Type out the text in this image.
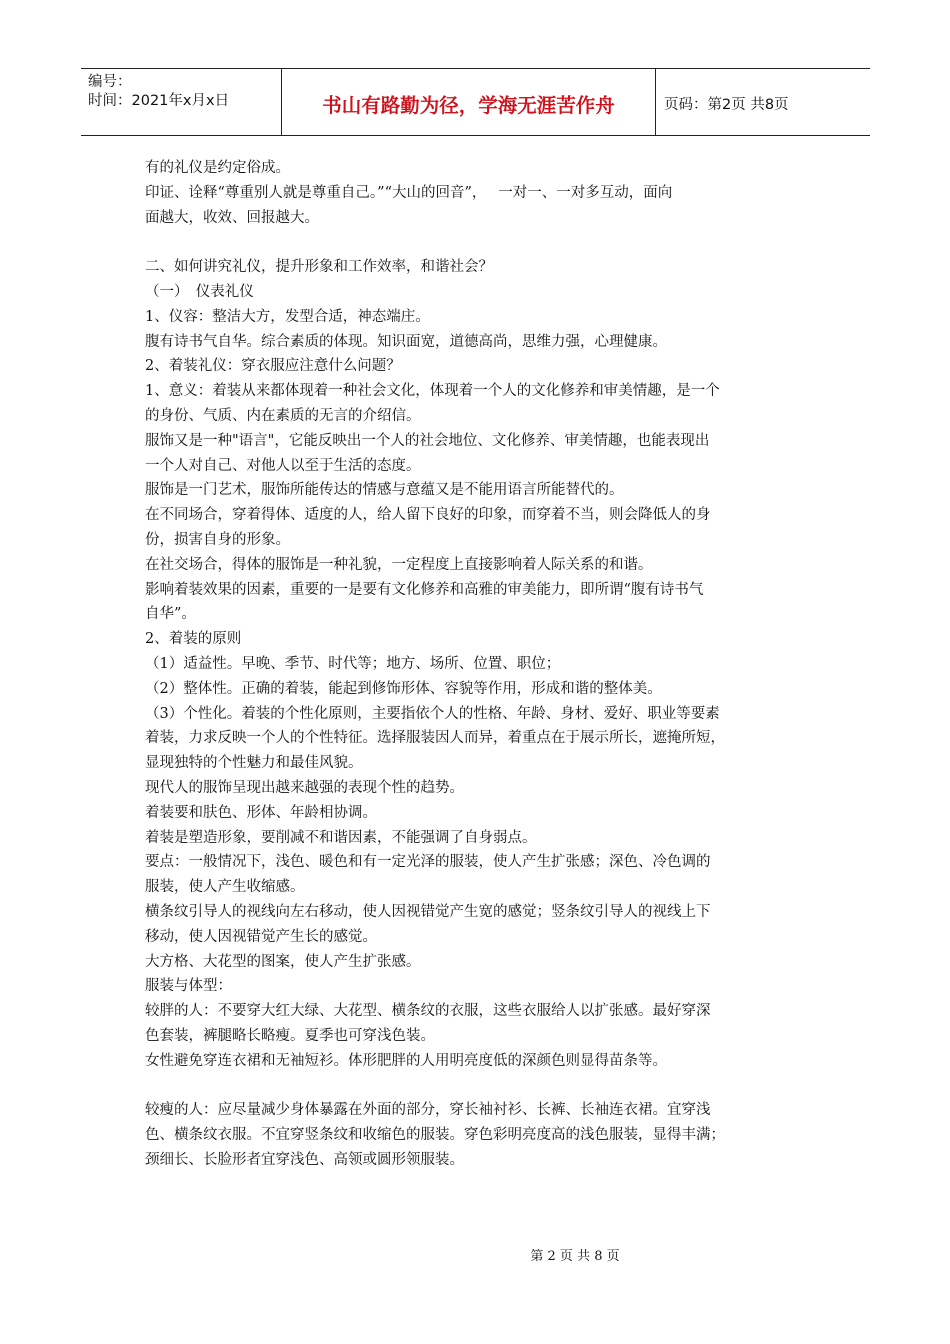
编号：
时间：2021年x月x日	书山有路勤为径，学海无涯苦作舟	页码：第2页 共8页
有的礼仪是约定俗成。
印证、诠释“尊重别人就是尊重自己。”“大山的回音”，　 一对一、一对多互动，面向
面越大，收效、回报越大。
二、如何讲究礼仪，提升形象和工作效率，和谐社会？
（一）　仪表礼仪
1、仪容：整洁大方，发型合适，神态端庄。
腹有诗书气自华。综合素质的体现。知识面宽，道德高尚，思维力强，心理健康。
2、着装礼仪：穿衣服应注意什么问题？
1、意义：着装从来都体现着一种社会文化，体现着一个人的文化修养和审美情趣，是一个
的身份、气质、内在素质的无言的介绍信。
服饰又是一种"语言"，它能反映出一个人的社会地位、文化修养、审美情趣，也能表现出
一个人对自己、对他人以至于生活的态度。
服饰是一门艺术，服饰所能传达的情感与意蕴又是不能用语言所能替代的。
在不同场合，穿着得体、适度的人，给人留下良好的印象，而穿着不当，则会降低人的身
份，损害自身的形象。
在社交场合，得体的服饰是一种礼貌，一定程度上直接影响着人际关系的和谐。
影响着装效果的因素，重要的一是要有文化修养和高雅的审美能力，即所谓“腹有诗书气
自华”。
2、着装的原则
（1）适益性。早晚、季节、时代等；地方、场所、位置、职位；
（2）整体性。正确的着装，能起到修饰形体、容貌等作用，形成和谐的整体美。
（3）个性化。着装的个性化原则，主要指依个人的性格、年龄、身材、爱好、职业等要素
着装，力求反映一个人的个性特征。选择服装因人而异，着重点在于展示所长，遮掩所短，
显现独特的个性魅力和最佳风貌。
现代人的服饰呈现出越来越强的表现个性的趋势。
着装要和肤色、形体、年龄相协调。
着装是塑造形象，要削减不和谐因素，不能强调了自身弱点。
要点：一般情况下，浅色、暖色和有一定光泽的服装，使人产生扩张感；深色、冷色调的
服装，使人产生收缩感。
横条纹引导人的视线向左右移动，使人因视错觉产生宽的感觉；竖条纹引导人的视线上下
移动，使人因视错觉产生长的感觉。
大方格、大花型的图案，使人产生扩张感。
服装与体型：
较胖的人：不要穿大红大绿、大花型、横条纹的衣服，这些衣服给人以扩张感。最好穿深
色套装，裤腿略长略瘦。夏季也可穿浅色装。
女性避免穿连衣裙和无袖短衫。体形肥胖的人用明亮度低的深颜色则显得苗条等。
较瘦的人：应尽量减少身体暴露在外面的部分，穿长袖衬衫、长裤、长袖连衣裙。宜穿浅
色、横条纹衣服。不宜穿竖条纹和收缩色的服装。穿色彩明亮度高的浅色服装，显得丰满；
颈细长、长脸形者宜穿浅色、高领或圆形领服装。
第 2 页 共 8 页
